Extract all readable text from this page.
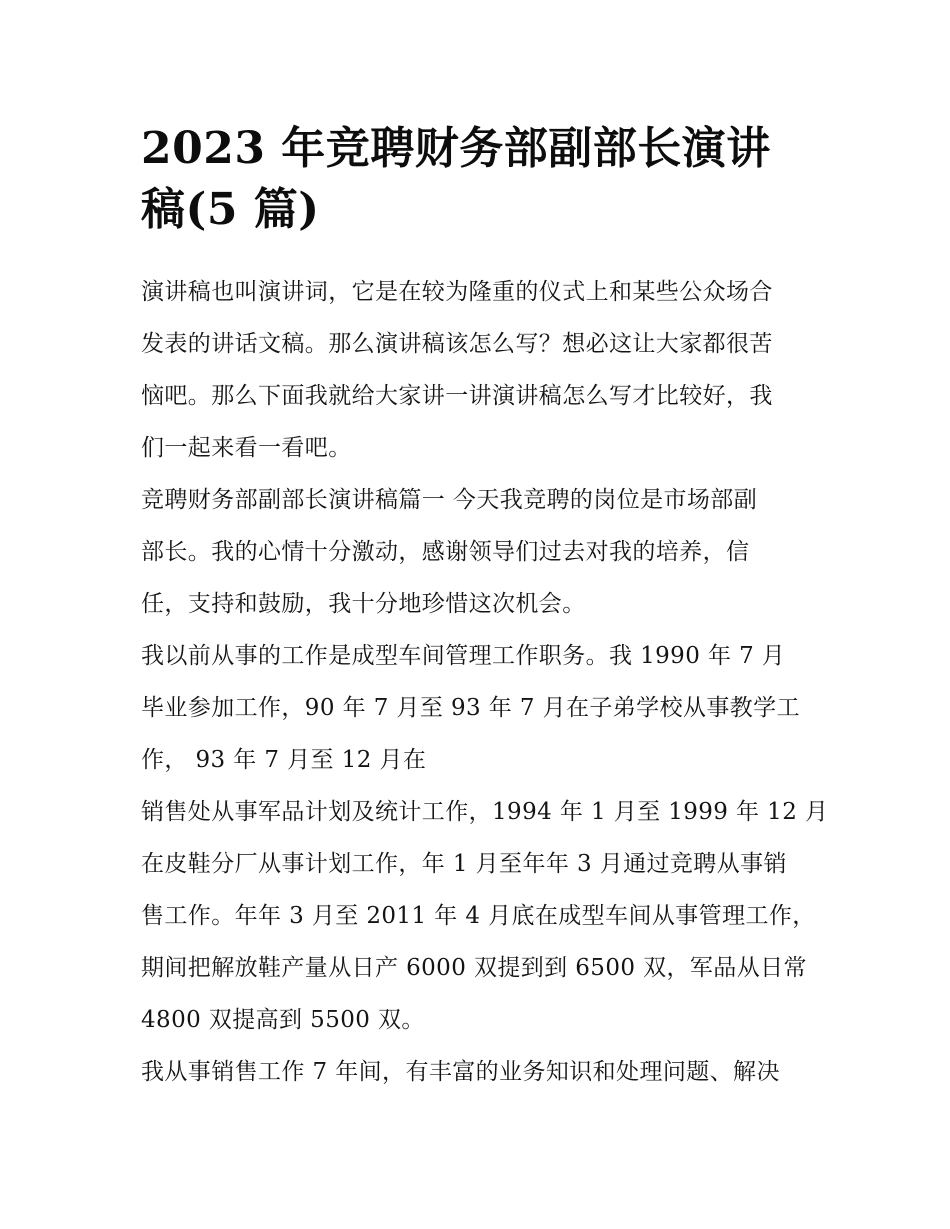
2023 年竞聘财务部副部长演讲
稿(5 篇)

演讲稿也叫演讲词，它是在较为隆重的仪式上和某些公众场合
发表的讲话文稿。那么演讲稿该怎么写？想必这让大家都很苦
恼吧。那么下面我就给大家讲一讲演讲稿怎么写才比较好，我
们一起来看一看吧。

竞聘财务部副部长演讲稿篇一 今天我竞聘的岗位是市场部副
部长。我的心情十分激动，感谢领导们过去对我的培养，信
任，支持和鼓励，我十分地珍惜这次机会。

我以前从事的工作是成型车间管理工作职务。我 1990 年 7 月
毕业参加工作，90 年 7 月至 93 年 7 月在子弟学校从事教学工
作， 93 年 7 月至 12 月在

销售处从事军品计划及统计工作，1994 年 1 月至 1999 年 12 月
在皮鞋分厂从事计划工作，年 1 月至年年 3 月通过竞聘从事销
售工作。年年 3 月至 2011 年 4 月底在成型车间从事管理工作，
期间把解放鞋产量从日产 6000 双提到到 6500 双，军品从日常
4800 双提高到 5500 双。

我从事销售工作 7 年间，有丰富的业务知识和处理问题、解决
